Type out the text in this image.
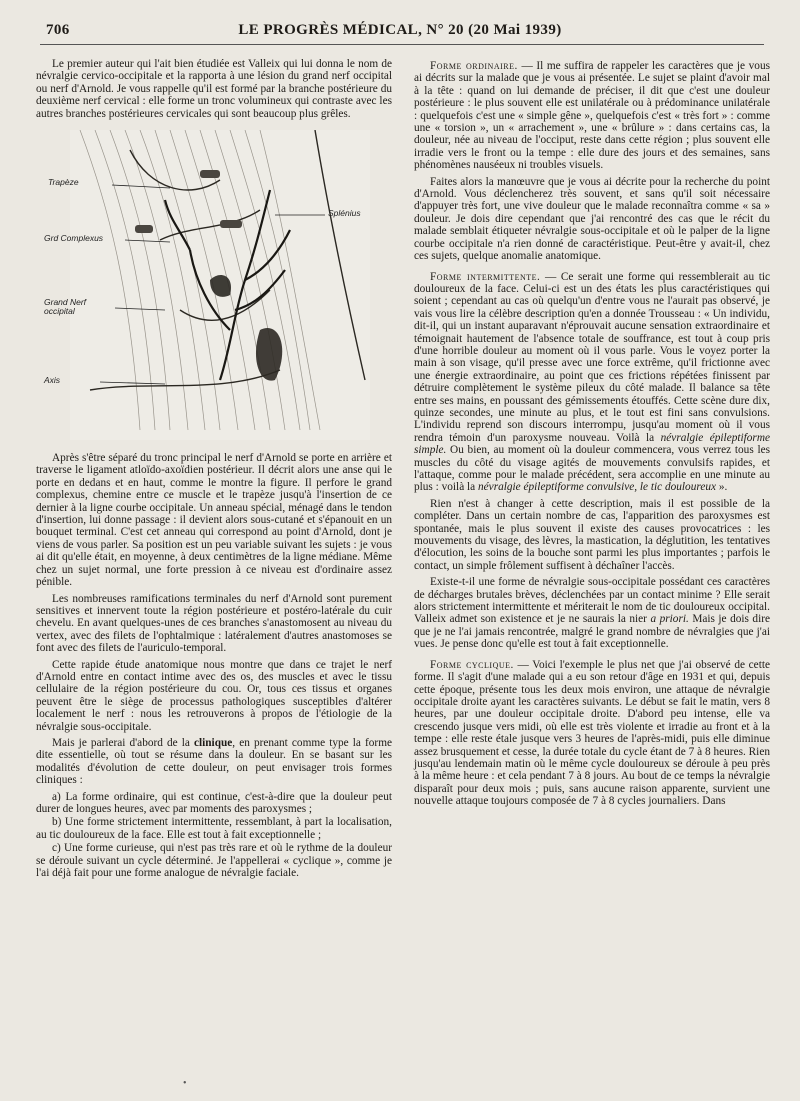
706	LE PROGRÈS MÉDICAL, N° 20 (20 Mai 1939)

Le premier auteur qui l'ait bien étudiée est Valleix qui lui donna le nom de névralgie cervico-occipitale et la rapporta à une lésion du grand nerf occipital ou nerf d'Arnold. Je vous rappelle qu'il est formé par la branche postérieure du deuxième nerf cervical : elle forme un tronc volumineux qui contraste avec les autres branches postérieures cervicales qui sont beaucoup plus grêles.

Trapèze
Grd Complexus
Grand Nerf occipital
Axis
Splénius

Après s'être séparé du tronc principal le nerf d'Arnold se porte en arrière et traverse le ligament atloïdo-axoïdien postérieur. Il décrit alors une anse qui le porte en dedans et en haut, comme le montre la figure. Il perfore le grand complexus, chemine entre ce muscle et le trapèze jusqu'à l'insertion de ce dernier à la ligne courbe occipitale. Un anneau spécial, ménagé dans le tendon d'insertion, lui donne passage : il devient alors sous-cutané et s'épanouit en un bouquet terminal. C'est cet anneau qui correspond au point d'Arnold, dont je viens de vous parler. Sa position est un peu variable suivant les sujets : je vous ai dit qu'elle était, en moyenne, à deux centimètres de la ligne médiane. Même chez un sujet normal, une forte pression à ce niveau est d'ordinaire assez pénible.

Les nombreuses ramifications terminales du nerf d'Arnold sont purement sensitives et innervent toute la région postérieure et postéro-latérale du cuir chevelu. En avant quelques-unes de ces branches s'anastomosent au niveau du vertex, avec des filets de l'ophtalmique : latéralement d'autres anastomoses se font avec des filets de l'auriculo-temporal.

Cette rapide étude anatomique nous montre que dans ce trajet le nerf d'Arnold entre en contact intime avec des os, des muscles et avec le tissu cellulaire de la région postérieure du cou. Or, tous ces tissus et organes peuvent être le siège de processus pathologiques susceptibles d'altérer localement le nerf : nous les retrouverons à propos de l'étiologie de la névralgie sous-occipitale.

Mais je parlerai d'abord de la clinique, en prenant comme type la forme dite essentielle, où tout se résume dans la douleur. En se basant sur les modalités d'évolution de cette douleur, on peut envisager trois formes cliniques :

a) La forme ordinaire, qui est continue, c'est-à-dire que la douleur peut durer de longues heures, avec par moments des paroxysmes ;
b) Une forme strictement intermittente, ressemblant, à part la localisation, au tic douloureux de la face. Elle est tout à fait exceptionnelle ;
c) Une forme curieuse, qui n'est pas très rare et où le rythme de la douleur se déroule suivant un cycle déterminé. Je l'appellerai « cyclique », comme je l'ai déjà fait pour une forme analogue de névralgie faciale.

Forme ordinaire. — Il me suffira de rappeler les caractères que je vous ai décrits sur la malade que je vous ai présentée. Le sujet se plaint d'avoir mal à la tête : quand on lui demande de préciser, il dit que c'est une douleur postérieure : le plus souvent elle est unilatérale ou à prédominance unilatérale : quelquefois c'est une « simple gêne », quelquefois c'est « très fort » : comme une « torsion », un « arrachement », une « brûlure » : dans certains cas, la douleur, née au niveau de l'occiput, reste dans cette région ; plus souvent elle irradie vers le front ou la tempe : elle dure des jours et des semaines, sans phénomènes nauséeux ni troubles visuels.

Faites alors la manœuvre que je vous ai décrite pour la recherche du point d'Arnold. Vous déclencherez très souvent, et sans qu'il soit nécessaire d'appuyer très fort, une vive douleur que le malade reconnaîtra comme « sa » douleur. Je dois dire cependant que j'ai rencontré des cas que le récit du malade semblait étiqueter névralgie sous-occipitale et où le palper de la ligne courbe occipitale n'a rien donné de caractéristique. Peut-être y avait-il, chez ces sujets, quelque anomalie anatomique.

Forme intermittente. — Ce serait une forme qui ressemblerait au tic douloureux de la face. Celui-ci est un des états les plus caractéristiques qui soient ; cependant au cas où quelqu'un d'entre vous ne l'aurait pas observé, je vais vous lire la célèbre description qu'en a donnée Trousseau : « Un individu, dit-il, qui un instant auparavant n'éprouvait aucune sensation extraordinaire et témoignait hautement de l'absence totale de souffrance, est tout à coup pris d'une horrible douleur au moment où il vous parle. Vous le voyez porter la main à son visage, qu'il presse avec une force extrême, qu'il frictionne avec une énergie extraordinaire, au point que ces frictions répétées finissent par détruire complètement le système pileux du côté malade. Il balance sa tête entre ses mains, en poussant des gémissements étouffés. Cette scène dure dix, quinze secondes, une minute au plus, et le tout est fini sans convulsions. L'individu reprend son discours interrompu, jusqu'au moment où il vous rendra témoin d'un paroxysme nouveau. Voilà la névralgie épileptiforme simple. Ou bien, au moment où la douleur commencera, vous verrez tous les muscles du côté du visage agités de mouvements convulsifs rapides, et l'attaque, comme pour le malade précédent, sera accomplie en une minute au plus : voilà la névralgie épileptiforme convulsive, le tic douloureux ».

Rien n'est à changer à cette description, mais il est possible de la compléter. Dans un certain nombre de cas, l'apparition des paroxysmes est spontanée, mais le plus souvent il existe des causes provocatrices : les mouvements du visage, des lèvres, la mastication, la déglutition, les tentatives d'élocution, les soins de la bouche sont parmi les plus importantes ; parfois le contact, un simple frôlement suffisent à déchaîner l'accès.

Existe-t-il une forme de névralgie sous-occipitale possédant ces caractères de décharges brutales brèves, déclenchées par un contact minime ? Elle serait alors strictement intermittente et mériterait le nom de tic douloureux occipital. Valleix admet son existence et je ne saurais la nier a priori. Mais je dois dire que je ne l'ai jamais rencontrée, malgré le grand nombre de névralgies que j'ai vues. Je pense donc qu'elle est tout à fait exceptionnelle.

Forme cyclique. — Voici l'exemple le plus net que j'ai observé de cette forme. Il s'agit d'une malade qui a eu son retour d'âge en 1931 et qui, depuis cette époque, présente tous les deux mois environ, une attaque de névralgie occipitale droite ayant les caractères suivants. Le début se fait le matin, vers 8 heures, par une douleur occipitale droite. D'abord peu intense, elle va crescendo jusque vers midi, où elle est très violente et irradie au front et à la tempe : elle reste étale jusque vers 3 heures de l'après-midi, puis elle diminue assez brusquement et cesse, la durée totale du cycle étant de 7 à 8 heures. Rien jusqu'au lendemain matin où le même cycle douloureux se déroule à peu près à la même heure : et cela pendant 7 à 8 jours. Au bout de ce temps la névralgie disparaît pour deux mois ; puis, sans aucune raison apparente, survient une nouvelle attaque toujours composée de 7 à 8 cycles journaliers. Dans

•
